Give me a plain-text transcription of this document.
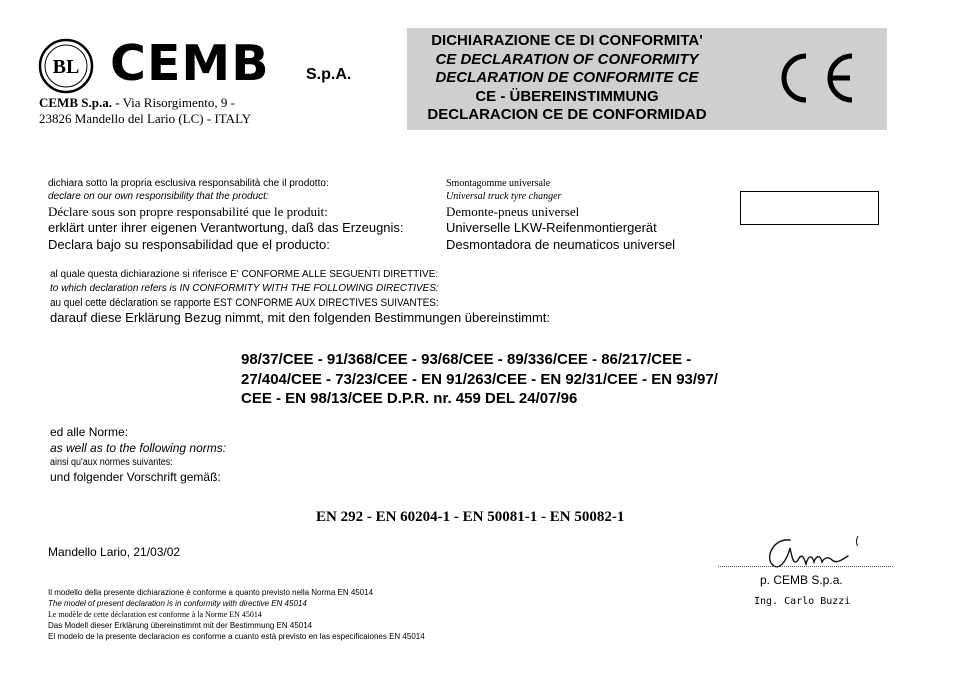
BL CEMB S.p.A.
CEMB S.p.a. - Via Risorgimento, 9 -
23826 Mandello del Lario (LC) - ITALY
DICHIARAZIONE CE DI CONFORMITA'
CE DECLARATION OF CONFORMITY
DECLARATION DE CONFORMITE CE
CE - ÜBEREINSTIMMUNG
DECLARACION CE DE CONFORMIDAD
dichiara sotto la propria esclusiva responsabilità che il prodotto:
declare on our own responsibility that the product:
Déclare sous son propre responsabilité que le produit:
erklärt unter ihrer eigenen Verantwortung, daß das Erzeugnis:
Declara bajo su responsabilidad que el producto:
Smontagomme universale
Universal truck tyre changer
Demonte-pneus universel
Universelle LKW-Reifenmontiergerät
Desmontadora de neumaticos universel
al quale questa dichiarazione si riferisce E' CONFORME ALLE SEGUENTI DIRETTIVE:
to which declaration refers is IN CONFORMITY WITH THE FOLLOWING DIRECTIVES:
au quel cette déclaration se rapporte EST CONFORME AUX DIRECTIVES SUIVANTES:
darauf diese Erklärung Bezug nimmt, mit den folgenden Bestimmungen übereinstimmt:
98/37/CEE - 91/368/CEE - 93/68/CEE - 89/336/CEE - 86/217/CEE -
27/404/CEE - 73/23/CEE - EN 91/263/CEE - EN 92/31/CEE - EN 93/97/
CEE - EN 98/13/CEE D.P.R. nr. 459 DEL 24/07/96
ed alle Norme:
as well as to the following norms:
ainsi qu'aux normes suivantes:
und folgender Vorschrift gemäß:
EN 292 - EN 60204-1 - EN 50081-1 - EN 50082-1
Mandello Lario, 21/03/02
p. CEMB S.p.a.
Ing. Carlo Buzzi
Il modello della presente dichiarazione è conforme a quanto previsto nella Norma EN 45014
The model of present declaration is in conformity with directive EN 45014
Le modèle de cette déclaration est conforme à la Norme EN 45014
Das Modell dieser Erklärung übereinstimmt mit der Bestimmung EN 45014
El modelo de la presente declaracion es conforme a cuanto està previsto en las especificaiones EN 45014
